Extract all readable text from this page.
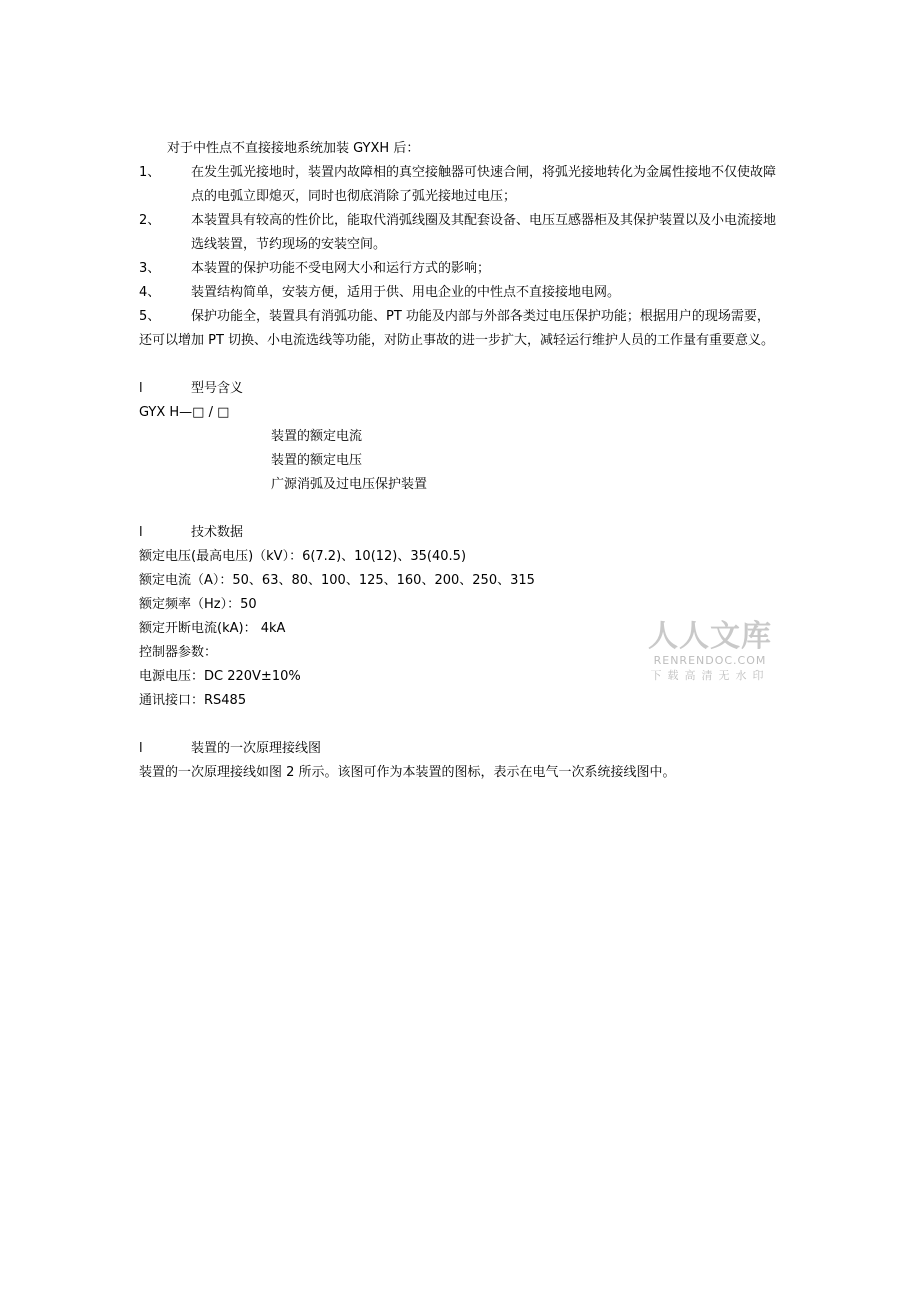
对于中性点不直接接地系统加装 GYXH 后：

1、	在发生弧光接地时，装置内故障相的真空接触器可快速合闸，将弧光接地转化为金属性接地不仅使故障点的电弧立即熄灭，同时也彻底消除了弧光接地过电压；
2、	本装置具有较高的性价比，能取代消弧线圈及其配套设备、电压互感器柜及其保护装置以及小电流接地选线装置，节约现场的安装空间。
3、	本装置的保护功能不受电网大小和运行方式的影响；
4、	装置结构简单，安装方便，适用于供、用电企业的中性点不直接接地电网。
5、 保护功能全，装置具有消弧功能、PT 功能及内部与外部各类过电压保护功能；根据用户的现场需要，还可以增加 PT 切换、小电流选线等功能，对防止事故的进一步扩大，减轻运行维护人员的工作量有重要意义。
l	型号含义

GYX H—□ / □

装置的额定电流

装置的额定电压

广源消弧及过电压保护装置

l	技术数据

额定电压(最高电压)（kV）：6(7.2)、10(12)、35(40.5)

额定电流（A）：50、63、80、100、125、160、200、250、315

额定频率（Hz）：50

额定开断电流(kA)： 4kA

控制器参数：

电源电压：DC 220V±10%

通讯接口：RS485

l	装置的一次原理接线图

装置的一次原理接线如图 2 所示。该图可作为本装置的图标，表示在电气一次系统接线图中。

人人文库
RENRENDOC.COM
下载高清无水印
